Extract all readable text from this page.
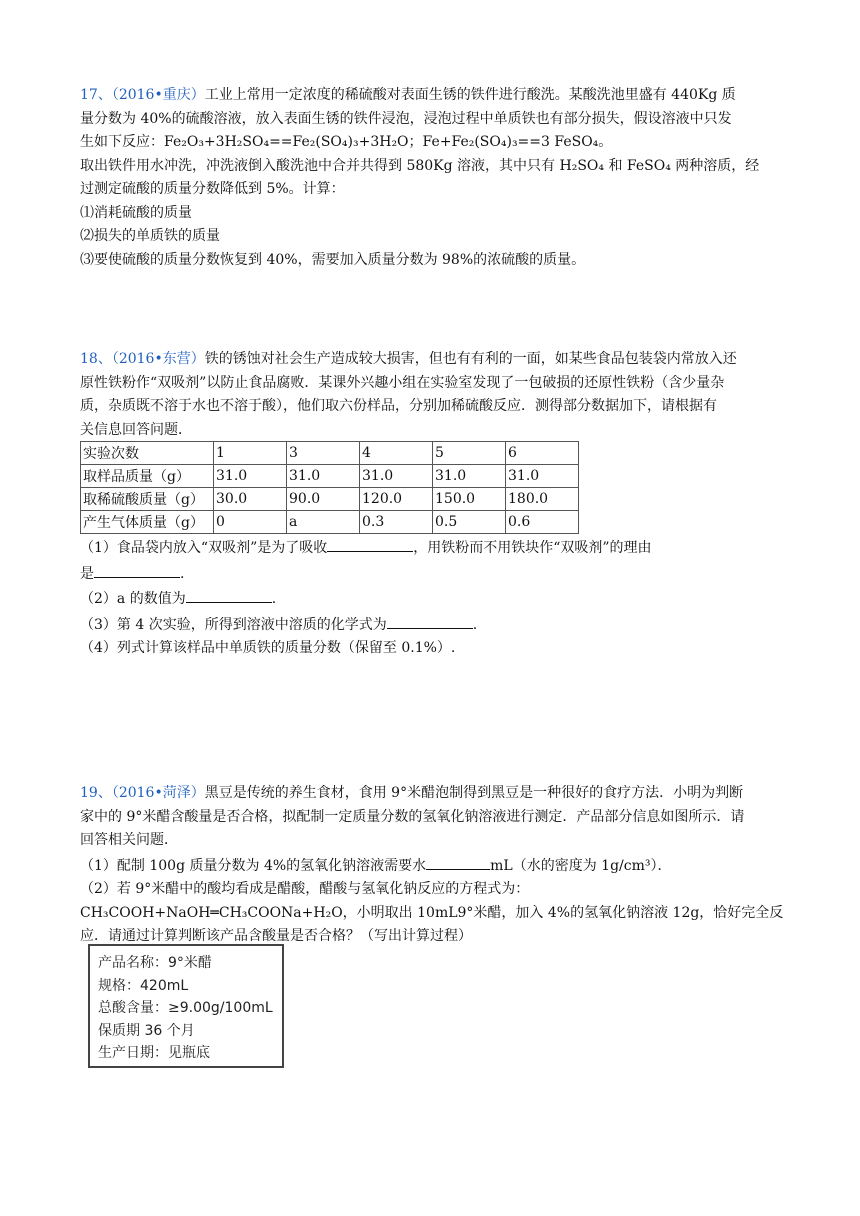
17、（2016•重庆）工业上常用一定浓度的稀硫酸对表面生锈的铁件进行酸洗。某酸洗池里盛有 440Kg 质
量分数为 40%的硫酸溶液，放入表面生锈的铁件浸泡，浸泡过程中单质铁也有部分损失，假设溶液中只发
生如下反应：Fe₂O₃+3H₂SO₄==Fe₂(SO₄)₃+3H₂O；Fe+Fe₂(SO₄)₃==3 FeSO₄。
取出铁件用水冲洗，冲洗液倒入酸洗池中合并共得到 580Kg 溶液，其中只有 H₂SO₄ 和 FeSO₄ 两种溶质，经
过测定硫酸的质量分数降低到 5%。计算：
⑴消耗硫酸的质量
⑵损失的单质铁的质量
⑶要使硫酸的质量分数恢复到 40%，需要加入质量分数为 98%的浓硫酸的质量。
18、（2016•东营）铁的锈蚀对社会生产造成较大损害，但也有有利的一面，如某些食品包装袋内常放入还
原性铁粉作“双吸剂”以防止食品腐败．某课外兴趣小组在实验室发现了一包破损的还原性铁粉（含少量杂
质，杂质既不溶于水也不溶于酸），他们取六份样品，分别加稀硫酸反应．测得部分数据加下，请根据有
关信息回答问题．
实验次数	1	3	4	5	6
取样品质量（g）	31.0	31.0	31.0	31.0	31.0
取稀硫酸质量（g）	30.0	90.0	120.0	150.0	180.0
产生气体质量（g）	0	a	0.3	0.5	0.6
（1）食品袋内放入“双吸剂”是为了吸收	，用铁粉而不用铁块作“双吸剂”的理由
是	.
（2）a 的数值为	.
（3）第 4 次实验，所得到溶液中溶质的化学式为	.
（4）列式计算该样品中单质铁的质量分数（保留至 0.1%）.
19、（2016•菏泽）黑豆是传统的养生食材，食用 9°米醋泡制得到黑豆是一种很好的食疗方法．小明为判断
家中的 9°米醋含酸量是否合格，拟配制一定质量分数的氢氧化钠溶液进行测定．产品部分信息如图所示．请
回答相关问题．
（1）配制 100g 质量分数为 4%的氢氧化钠溶液需要水	mL（水的密度为 1g/cm³）．
（2）若 9°米醋中的酸均看成是醋酸，醋酸与氢氧化钠反应的方程式为：
CH₃COOH+NaOH═CH₃COONa+H₂O，小明取出 10mL9°米醋，加入 4%的氢氧化钠溶液 12g，恰好完全反
应．请通过计算判断该产品含酸量是否合格？（写出计算过程）
产品名称：9°米醋
规格：420mL
总酸含量：≥9.00g/100mL
保质期 36 个月
生产日期：见瓶底
